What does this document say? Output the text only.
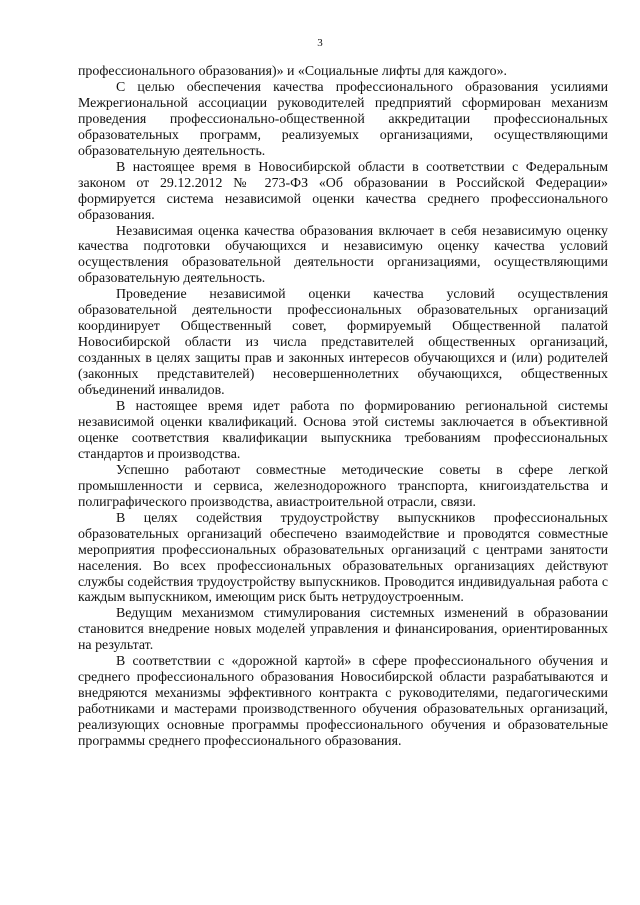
3

профессионального образования)» и «Социальные лифты для каждого».

С целью обеспечения качества профессионального образования усилиями Межрегиональной ассоциации руководителей предприятий сформирован механизм проведения профессионально-общественной аккредитации профессиональных образовательных программ, реализуемых организациями, осуществляющими образовательную деятельность.

В настоящее время в Новосибирской области в соответствии с Федеральным законом от 29.12.2012 № 273-ФЗ «Об образовании в Российской Федерации» формируется система независимой оценки качества среднего профессионального образования.

Независимая оценка качества образования включает в себя независимую оценку качества подготовки обучающихся и независимую оценку качества условий осуществления образовательной деятельности организациями, осуществляющими образовательную деятельность.

Проведение независимой оценки качества условий осуществления образовательной деятельности профессиональных образовательных организаций координирует Общественный совет, формируемый Общественной палатой Новосибирской области из числа представителей общественных организаций, созданных в целях защиты прав и законных интересов обучающихся и (или) родителей (законных представителей) несовершеннолетних обучающихся, общественных объединений инвалидов.

В настоящее время идет работа по формированию региональной системы независимой оценки квалификаций. Основа этой системы заключается в объективной оценке соответствия квалификации выпускника требованиям профессиональных стандартов и производства.

Успешно работают совместные методические советы в сфере легкой промышленности и сервиса, железнодорожного транспорта, книгоиздательства и полиграфического производства, авиастроительной отрасли, связи.

В целях содействия трудоустройству выпускников профессиональных образовательных организаций обеспечено взаимодействие и проводятся совместные мероприятия профессиональных образовательных организаций с центрами занятости населения. Во всех профессиональных образовательных организациях действуют службы содействия трудоустройству выпускников. Проводится индивидуальная работа с каждым выпускником, имеющим риск быть нетрудоустроенным.

Ведущим механизмом стимулирования системных изменений в образовании становится внедрение новых моделей управления и финансирования, ориентированных на результат.

В соответствии с «дорожной картой» в сфере профессионального обучения и среднего профессионального образования Новосибирской области разрабатываются и внедряются механизмы эффективного контракта с руководителями, педагогическими работниками и мастерами производственного обучения образовательных организаций, реализующих основные программы профессионального обучения и образовательные программы среднего профессионального образования.
